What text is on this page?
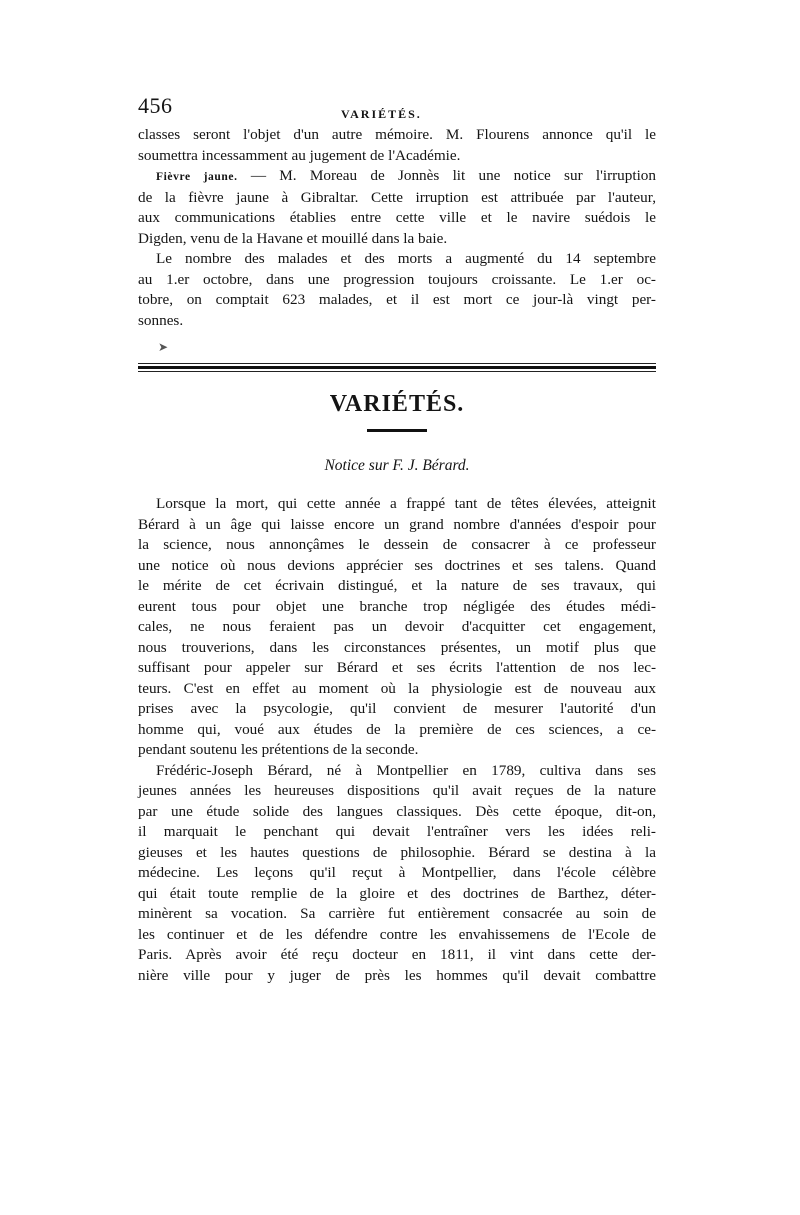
456	VARIÉTÉS.

classes seront l'objet d'un autre mémoire. M. Flourens annonce qu'il le

soumettra incessamment au jugement de l'Académie.

Fièvre jaune. — M. Moreau de Jonnès lit une notice sur l'irruption

de la fièvre jaune à Gibraltar. Cette irruption est attribuée par l'auteur,

aux communications établies entre cette ville et le navire suédois le

Digden, venu de la Havane et mouillé dans la baie.

Le nombre des malades et des morts a augmenté du 14 septembre

au 1.er octobre, dans une progression toujours croissante. Le 1.er oc-

tobre, on comptait 623 malades, et il est mort ce jour-là vingt per-

sonnes.

➤
VARIÉTÉS.
Notice sur F. J. Bérard.

Lorsque la mort, qui cette année a frappé tant de têtes élevées, atteignit

Bérard à un âge qui laisse encore un grand nombre d'années d'espoir pour

la science, nous annonçâmes le dessein de consacrer à ce professeur

une notice où nous devions apprécier ses doctrines et ses talens. Quand

le mérite de cet écrivain distingué, et la nature de ses travaux, qui

eurent tous pour objet une branche trop négligée des études médi-

cales, ne nous feraient pas un devoir d'acquitter cet engagement,

nous trouverions, dans les circonstances présentes, un motif plus que

suffisant pour appeler sur Bérard et ses écrits l'attention de nos lec-

teurs. C'est en effet au moment où la physiologie est de nouveau aux

prises avec la psycologie, qu'il convient de mesurer l'autorité d'un

homme qui, voué aux études de la première de ces sciences, a ce-

pendant soutenu les prétentions de la seconde.

Frédéric-Joseph Bérard, né à Montpellier en 1789, cultiva dans ses

jeunes années les heureuses dispositions qu'il avait reçues de la nature

par une étude solide des langues classiques. Dès cette époque, dit-on,

il marquait le penchant qui devait l'entraîner vers les idées reli-

gieuses et les hautes questions de philosophie. Bérard se destina à la

médecine. Les leçons qu'il reçut à Montpellier, dans l'école célèbre

qui était toute remplie de la gloire et des doctrines de Barthez, déter-

minèrent sa vocation. Sa carrière fut entièrement consacrée au soin de

les continuer et de les défendre contre les envahissemens de l'Ecole de

Paris. Après avoir été reçu docteur en 1811, il vint dans cette der-

nière ville pour y juger de près les hommes qu'il devait combattre
